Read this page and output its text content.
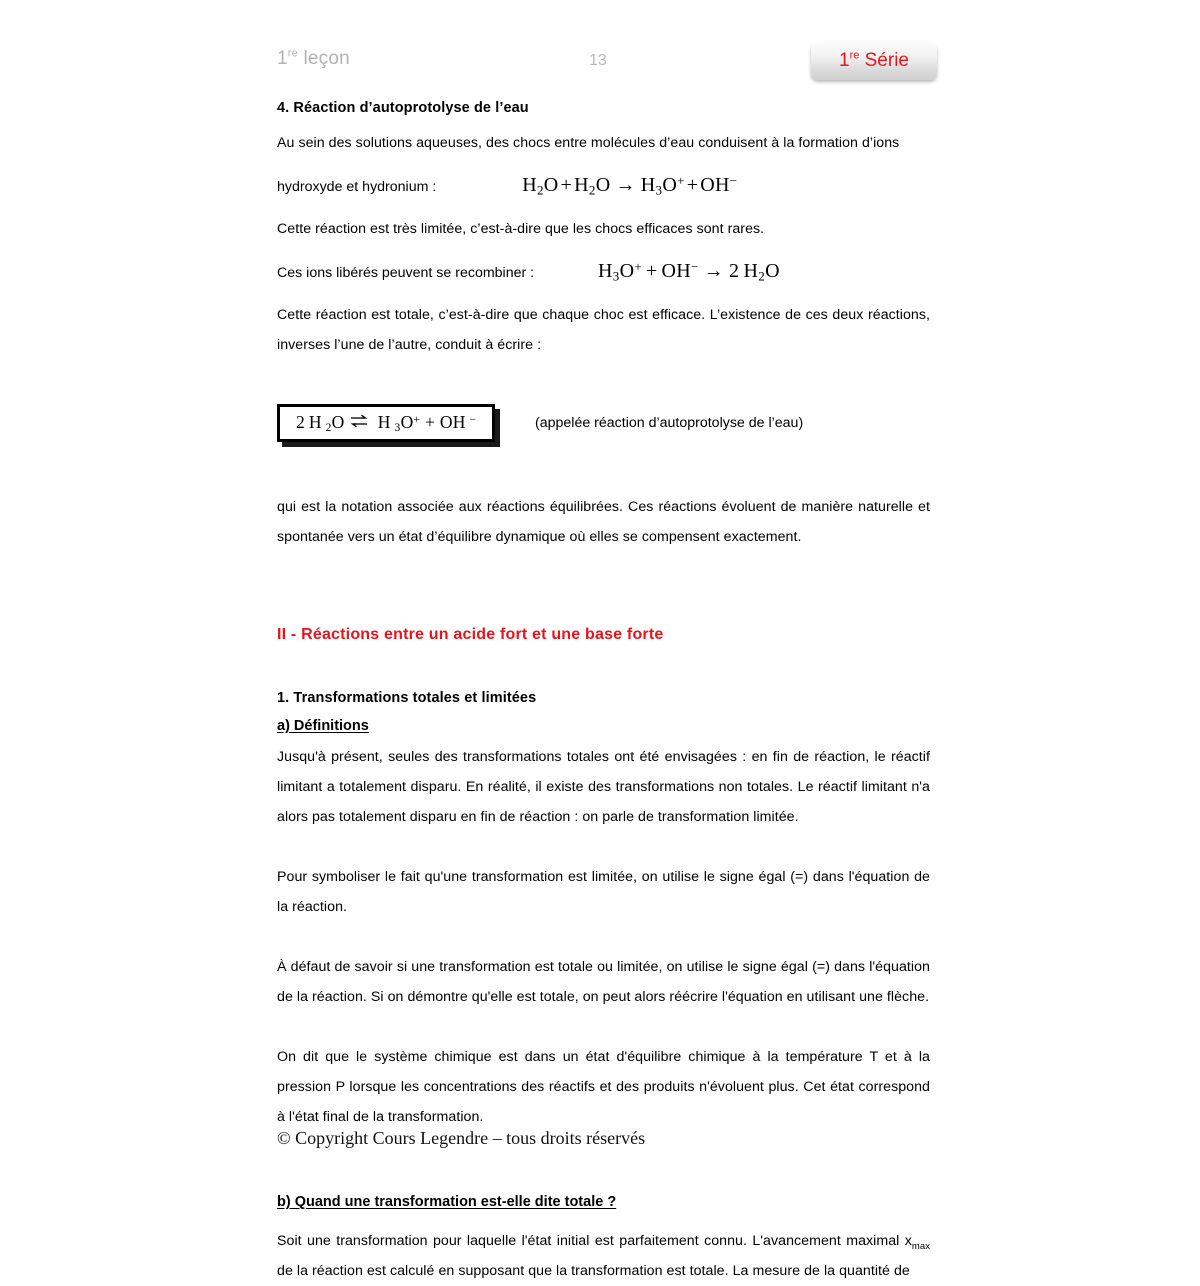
1re leçon	13	1re Série
4. Réaction d’autoprotolyse de l’eau

Au sein des solutions aqueuses, des chocs entre molécules d’eau conduisent à la formation d’ions

hydroxyde et hydronium :	$H_2O + H_2O \to H_3O^+ + OH^-$

Cette réaction est très limitée, c’est-à-dire que les chocs efficaces sont rares.

Ces ions libérés peuvent se recombiner :	$H_3O^+$ + OH− → 2 $H_2O$

Cette réaction est totale, c’est-à-dire que chaque choc est efficace. L’existence de ces deux réactions, inverses l’une de l’autre, conduit à écrire :

2 H $_2$O ⇌  H $_3$O+ + OH −	(appelée réaction d’autoprotolyse de l’eau)

qui est la notation associée aux réactions équilibrées. Ces réactions évoluent de manière naturelle et spontanée vers un état d’équilibre dynamique où elles se compensent exactement.

II - Réactions entre un acide fort et une base forte
1. Transformations totales et limitées
a) Définitions

Jusqu'à présent, seules des transformations totales ont été envisagées : en fin de réaction, le réactif limitant a totalement disparu. En réalité, il existe des transformations non totales. Le réactif limitant n'a alors pas totalement disparu en fin de réaction : on parle de transformation limitée.

Pour symboliser le fait qu'une transformation est limitée, on utilise le signe égal (=) dans l'équation de la réaction.

À défaut de savoir si une transformation est totale ou limitée, on utilise le signe égal (=) dans l'équation de la réaction. Si on démontre qu'elle est totale, on peut alors réécrire l'équation en utilisant une flèche.

On dit que le système chimique est dans un état d'équilibre chimique à la température T et à la pression P lorsque les concentrations des réactifs et des produits n'évoluent plus. Cet état correspond à l'état final de la transformation.

b) Quand une transformation est-elle dite totale ?

Soit une transformation pour laquelle l'état initial est parfaitement connu. L'avancement maximal $x_{max}$ de la réaction est calculé en supposant que la transformation est totale. La mesure de la quantité de

© Copyright Cours Legendre – tous droits réservés
